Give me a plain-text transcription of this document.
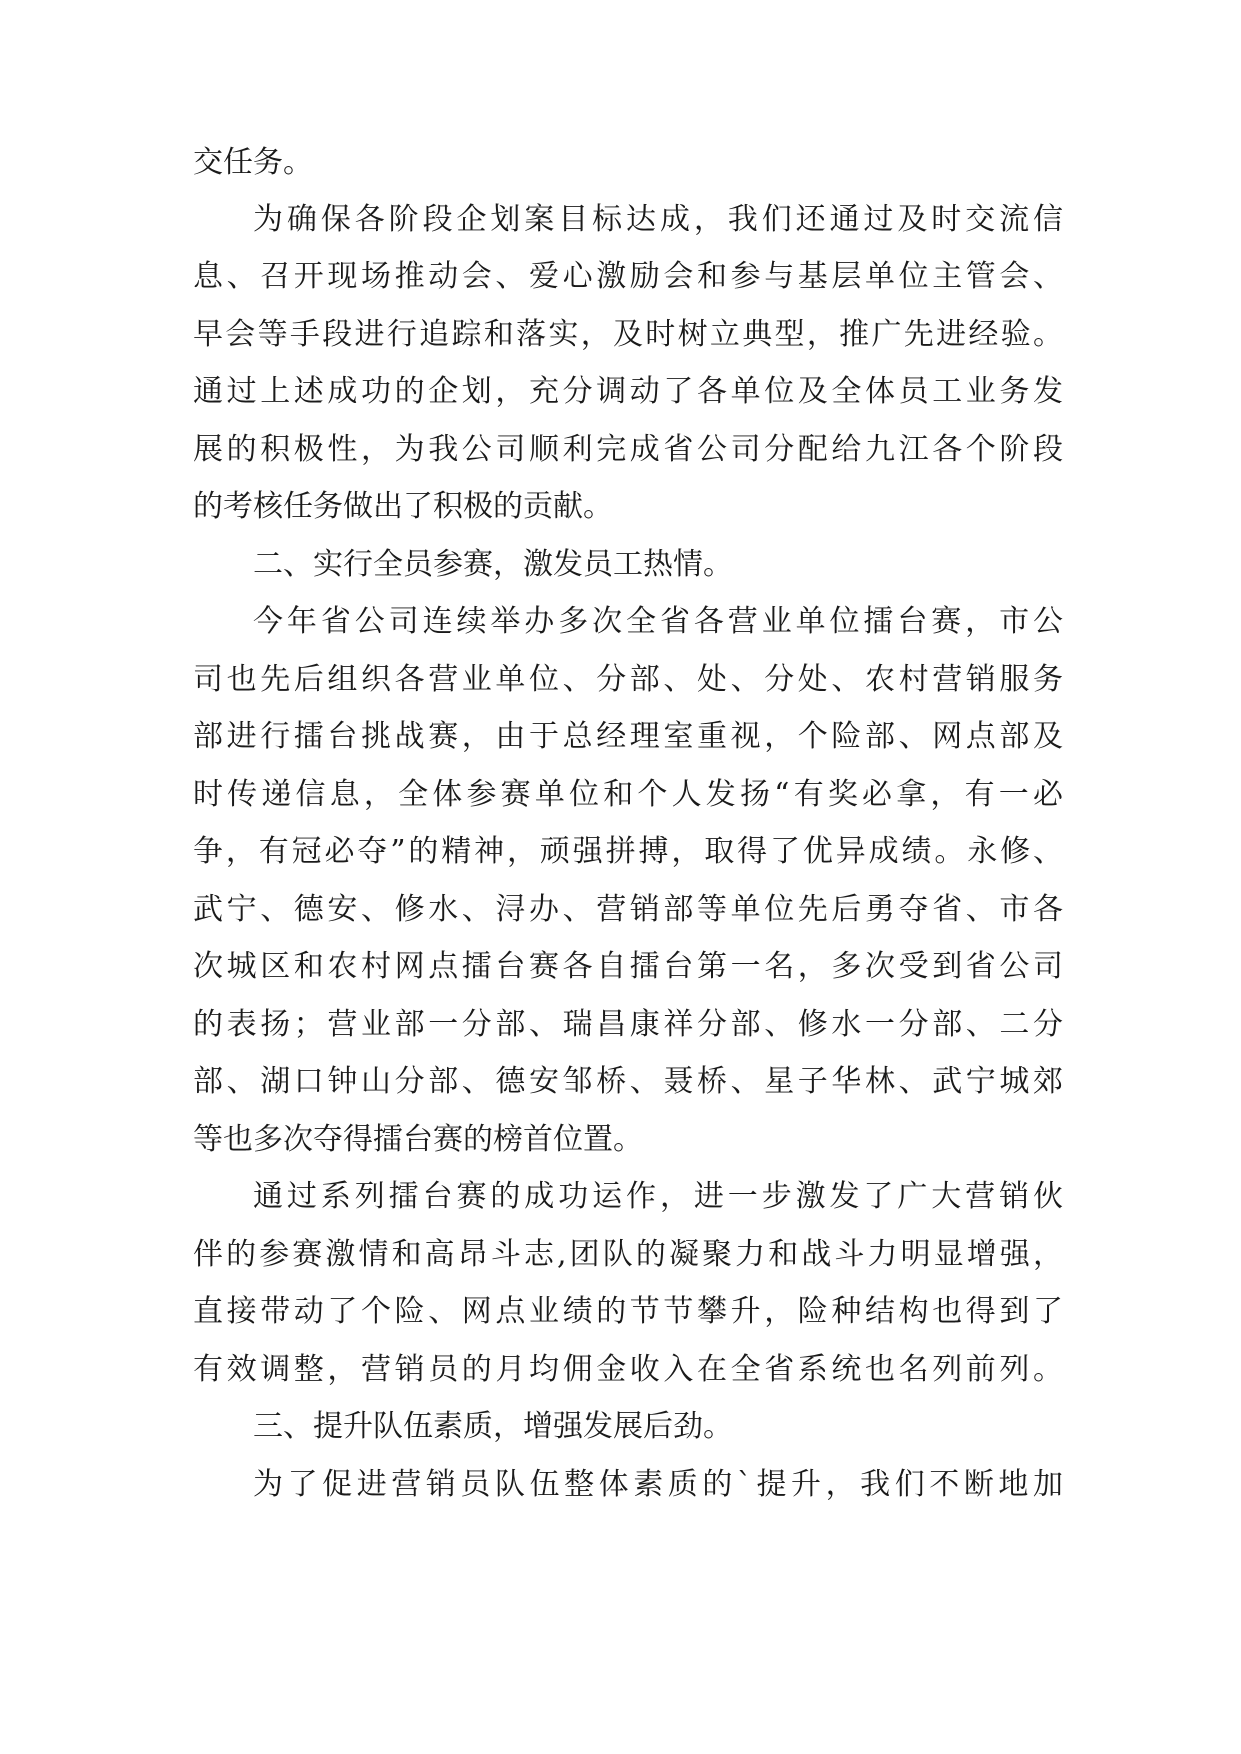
交任务。
为确保各阶段企划案目标达成，我们还通过及时交流信
息、召开现场推动会、爱心激励会和参与基层单位主管会、
早会等手段进行追踪和落实，及时树立典型，推广先进经验。
通过上述成功的企划，充分调动了各单位及全体员工业务发
展的积极性，为我公司顺利完成省公司分配给九江各个阶段
的考核任务做出了积极的贡献。
二、实行全员参赛，激发员工热情。
今年省公司连续举办多次全省各营业单位擂台赛，市公
司也先后组织各营业单位、分部、处、分处、农村营销服务
部进行擂台挑战赛，由于总经理室重视，个险部、网点部及
时传递信息，全体参赛单位和个人发扬“有奖必拿，有一必
争，有冠必夺”的精神，顽强拼搏，取得了优异成绩。永修、
武宁、德安、修水、浔办、营销部等单位先后勇夺省、市各
次城区和农村网点擂台赛各自擂台第一名，多次受到省公司
的表扬；营业部一分部、瑞昌康祥分部、修水一分部、二分
部、湖口钟山分部、德安邹桥、聂桥、星子华林、武宁城郊
等也多次夺得擂台赛的榜首位置。
通过系列擂台赛的成功运作，进一步激发了广大营销伙
伴的参赛激情和高昂斗志,团队的凝聚力和战斗力明显增强，
直接带动了个险、网点业绩的节节攀升，险种结构也得到了
有效调整，营销员的月均佣金收入在全省系统也名列前列。
三、提升队伍素质，增强发展后劲。
为了促进营销员队伍整体素质的`提升，我们不断地加
